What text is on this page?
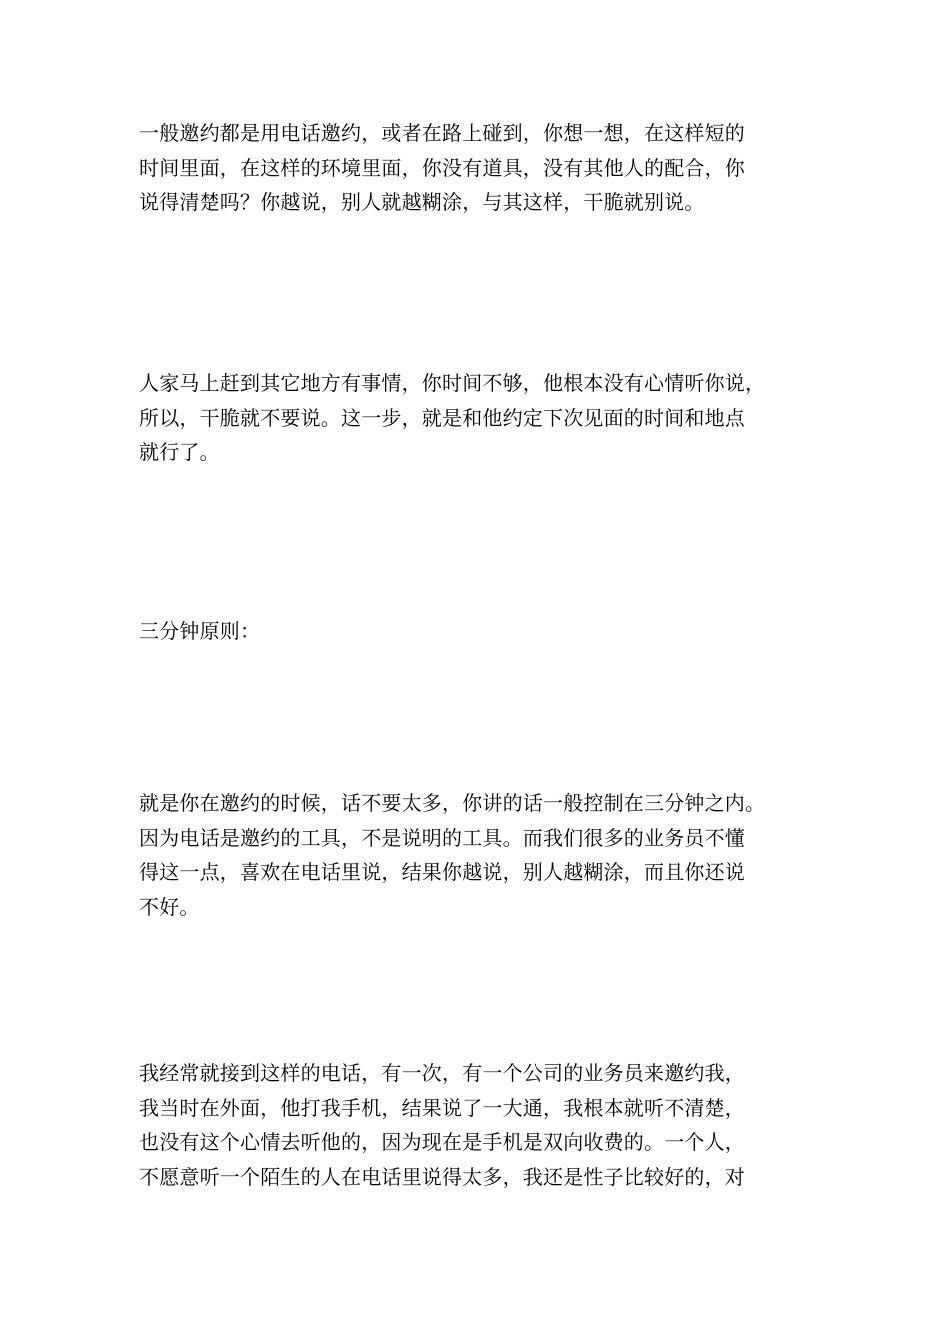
一般邀约都是用电话邀约，或者在路上碰到，你想一想，在这样短的
时间里面，在这样的环境里面，你没有道具，没有其他人的配合，你
说得清楚吗？你越说，别人就越糊涂，与其这样，干脆就别说。

人家马上赶到其它地方有事情，你时间不够，他根本没有心情听你说，
所以，干脆就不要说。这一步，就是和他约定下次见面的时间和地点
就行了。

三分钟原则：

就是你在邀约的时候，话不要太多，你讲的话一般控制在三分钟之内。
因为电话是邀约的工具，不是说明的工具。而我们很多的业务员不懂
得这一点，喜欢在电话里说，结果你越说，别人越糊涂，而且你还说
不好。

我经常就接到这样的电话，有一次，有一个公司的业务员来邀约我，
我当时在外面，他打我手机，结果说了一大通，我根本就听不清楚，
也没有这个心情去听他的，因为现在是手机是双向收费的。一个人，
不愿意听一个陌生的人在电话里说得太多，我还是性子比较好的，对
